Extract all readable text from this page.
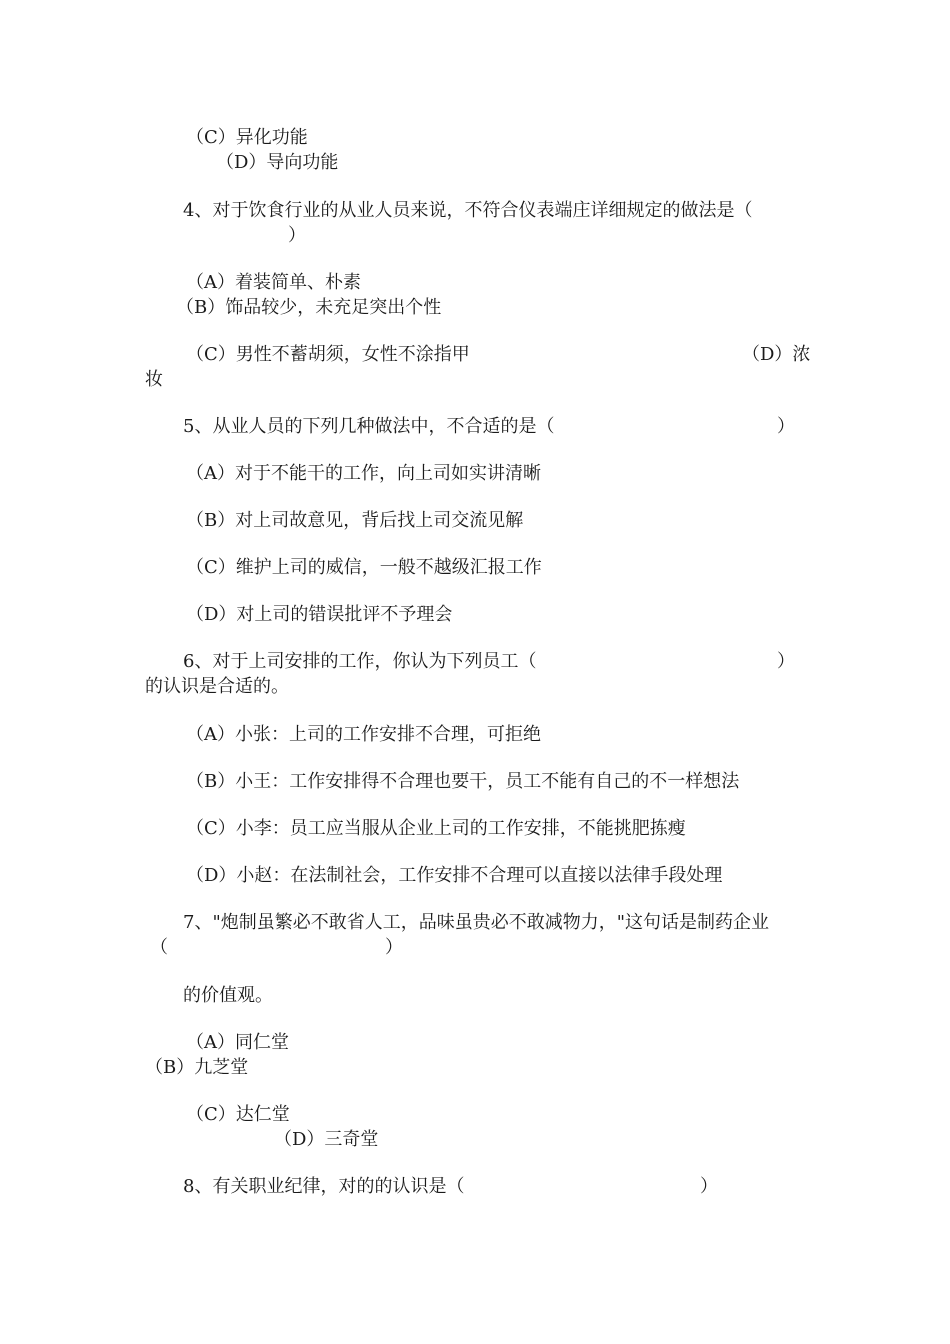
（C）异化功能

（D）导向功能

4、对于饮食行业的从业人员来说，不符合仪表端庄详细规定的做法是（

）

（A）着装简单、朴素

（B）饰品较少，未充足突出个性

（C）男性不蓄胡须，女性不涂指甲	（D）浓

妆

5、从业人员的下列几种做法中，不合适的是（	）

（A）对于不能干的工作，向上司如实讲清晰

（B）对上司故意见，背后找上司交流见解

（C）维护上司的威信，一般不越级汇报工作

（D）对上司的错误批评不予理会

6、对于上司安排的工作，你认为下列员工（	）

的认识是合适的。

（A）小张：上司的工作安排不合理，可拒绝

（B）小王：工作安排得不合理也要干，员工不能有自己的不一样想法

（C）小李：员工应当服从企业上司的工作安排，不能挑肥拣瘦

（D）小赵：在法制社会，工作安排不合理可以直接以法律手段处理

7、"炮制虽繁必不敢省人工，品味虽贵必不敢减物力，"这句话是制药企业

（	）

的价值观。

（A）同仁堂

（B）九芝堂

（C）达仁堂

（D）三奇堂

8、有关职业纪律，对的的认识是（	）
